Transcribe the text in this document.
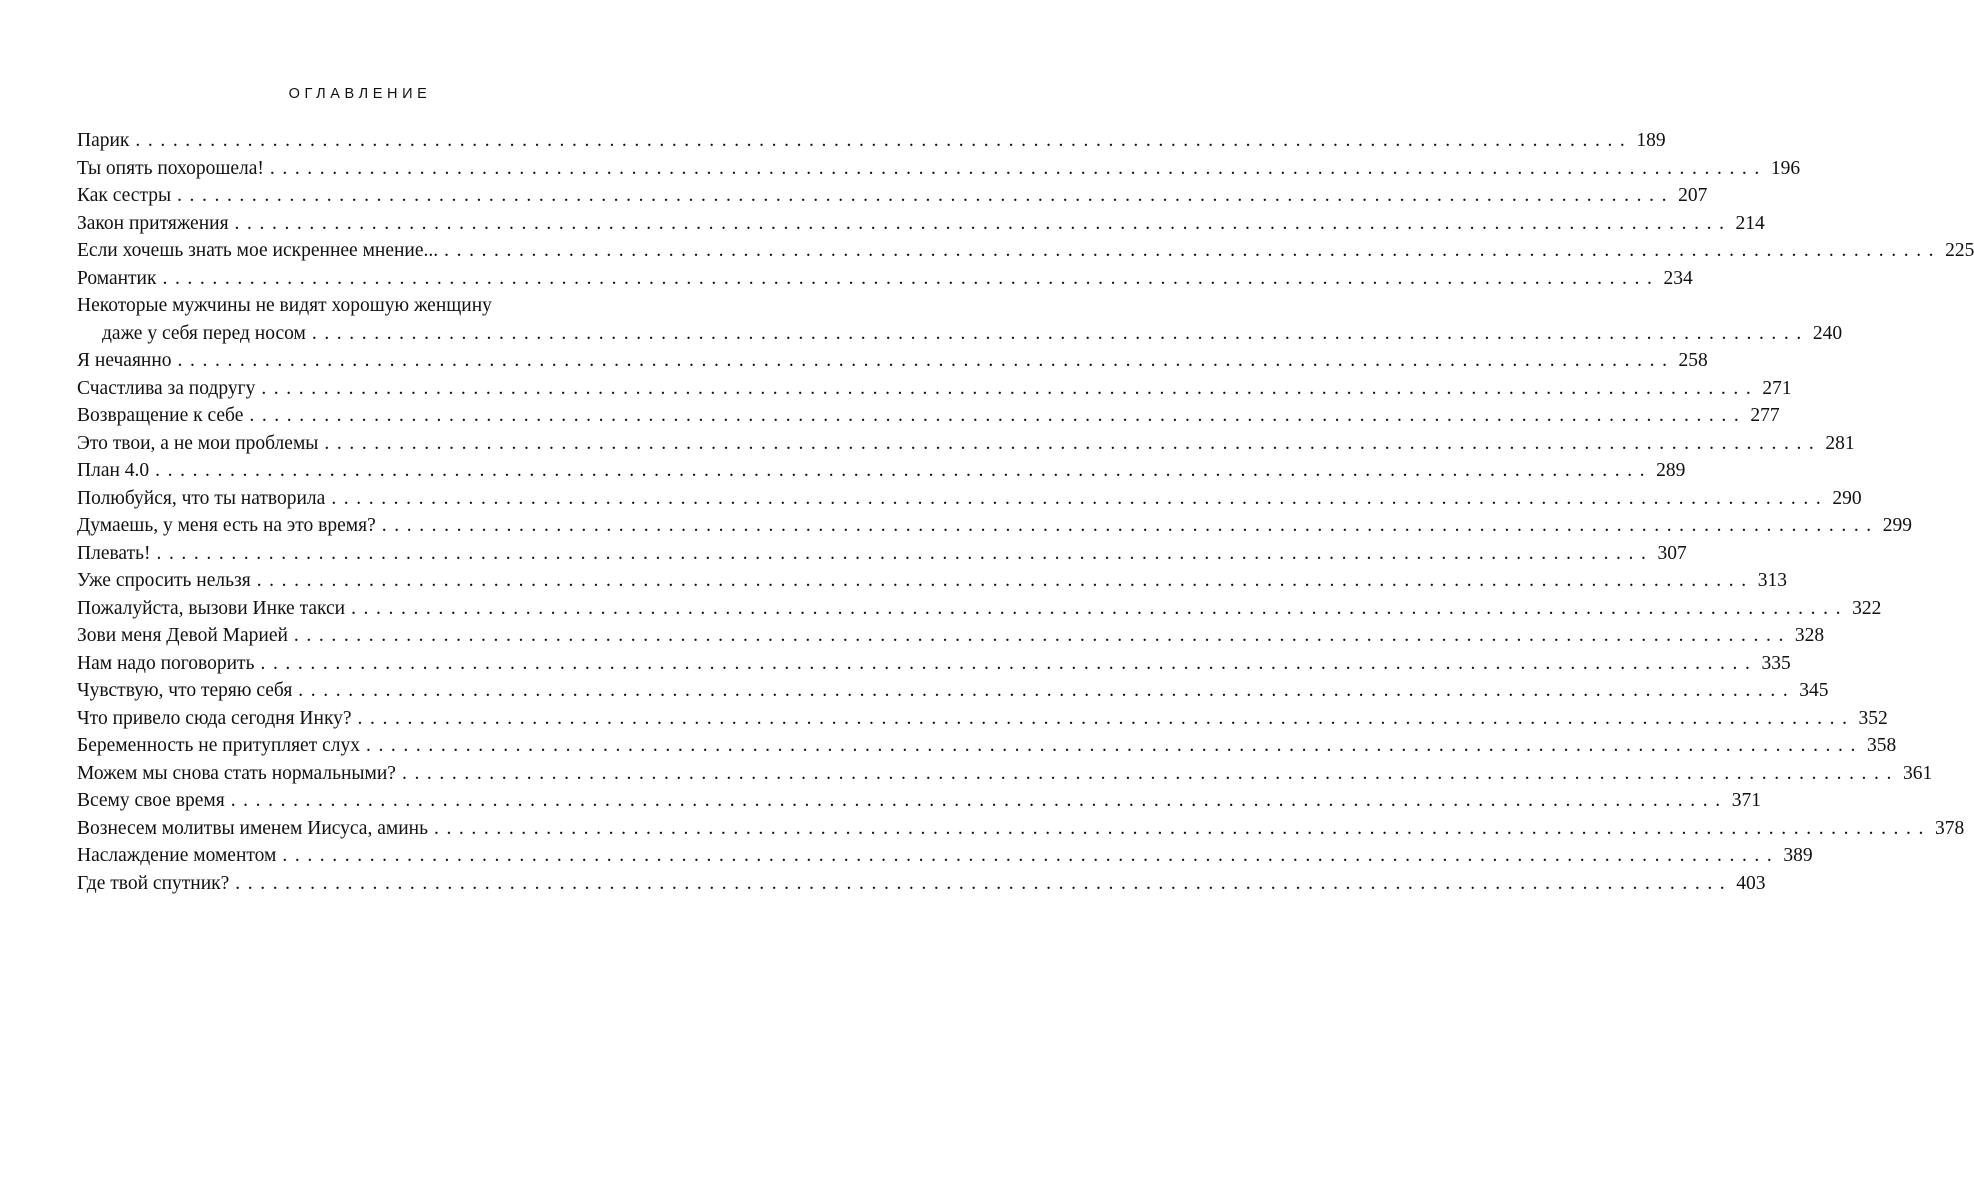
ОГЛАВЛЕНИЕ
Парик ........................................................................................................................ 189
Ты опять похорошела! ........................................................................................................................ 196
Как сестры ........................................................................................................................ 207
Закон притяжения ........................................................................................................................ 214
Если хочешь знать мое искреннее мнение... ........................................................................................................................ 225
Романтик ........................................................................................................................ 234
Некоторые мужчины не видят хорошую женщину
даже у себя перед носом ........................................................................................................................ 240
Я нечаянно ........................................................................................................................ 258
Счастлива за подругу ........................................................................................................................ 271
Возвращение к себе ........................................................................................................................ 277
Это твои, а не мои проблемы ........................................................................................................................ 281
План 4.0 ........................................................................................................................ 289
Полюбуйся, что ты натворила ........................................................................................................................ 290
Думаешь, у меня есть на это время? ........................................................................................................................ 299
Плевать! ........................................................................................................................ 307
Уже спросить нельзя ........................................................................................................................ 313
Пожалуйста, вызови Инке такси ........................................................................................................................ 322
Зови меня Девой Марией ........................................................................................................................ 328
Нам надо поговорить ........................................................................................................................ 335
Чувствую, что теряю себя ........................................................................................................................ 345
Что привело сюда сегодня Инку? ........................................................................................................................ 352
Беременность не притупляет слух ........................................................................................................................ 358
Можем мы снова стать нормальными? ........................................................................................................................ 361
Всему свое время ........................................................................................................................ 371
Вознесем молитвы именем Иисуса, аминь ........................................................................................................................ 378
Наслаждение моментом ........................................................................................................................ 389
Где твой спутник? ........................................................................................................................ 403
